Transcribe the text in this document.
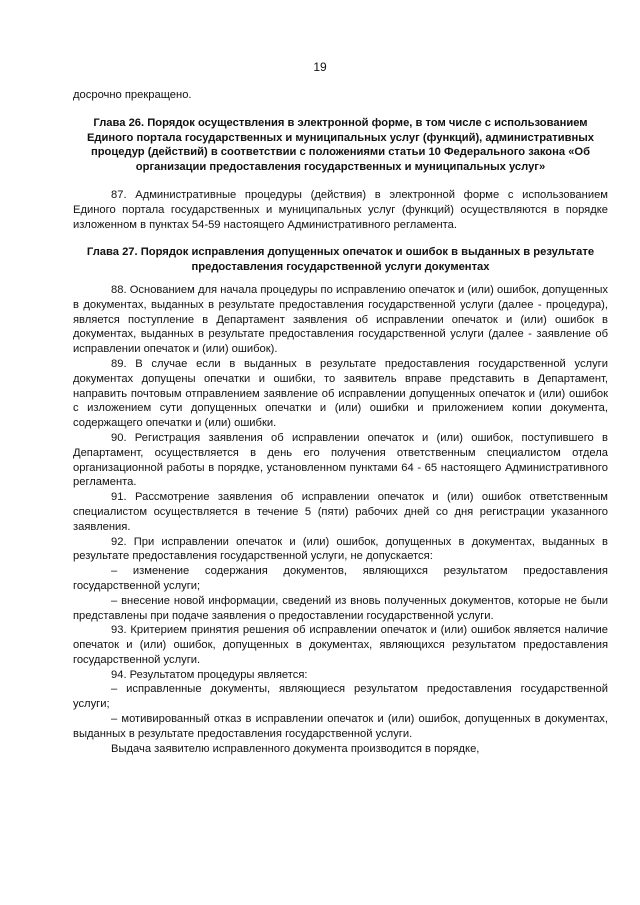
19

досрочно прекращено.

Глава 26. Порядок осуществления в электронной форме, в том числе с использованием Единого портала государственных и муниципальных услуг (функций), административных процедур (действий) в соответствии с положениями статьи 10 Федерального закона «Об организации предоставления государственных и муниципальных услуг»

87. Административные процедуры (действия) в электронной форме с использованием Единого портала государственных и муниципальных услуг (функций) осуществляются в порядке изложенном в пунктах 54-59 настоящего Административного регламента.

Глава 27. Порядок исправления допущенных опечаток и ошибок в выданных в результате предоставления государственной услуги документах

88. Основанием для начала процедуры по исправлению опечаток и (или) ошибок, допущенных в документах, выданных в результате предоставления государственной услуги (далее - процедура), является поступление в Департамент заявления об исправлении опечаток и (или) ошибок в документах, выданных в результате предоставления государственной услуги (далее - заявление об исправлении опечаток и (или) ошибок).

89. В случае если в выданных в результате предоставления государственной услуги документах допущены опечатки и ошибки, то заявитель вправе представить в Департамент, направить почтовым отправлением заявление об исправлении допущенных опечаток и (или) ошибок с изложением сути допущенных опечатки и (или) ошибки и приложением копии документа, содержащего опечатки и (или) ошибки.

90. Регистрация заявления об исправлении опечаток и (или) ошибок, поступившего в Департамент, осуществляется в день его получения ответственным специалистом отдела организационной работы в порядке, установленном пунктами 64 - 65 настоящего Административного регламента.

91. Рассмотрение заявления об исправлении опечаток и (или) ошибок ответственным специалистом осуществляется в течение 5 (пяти) рабочих дней со дня регистрации указанного заявления.

92. При исправлении опечаток и (или) ошибок, допущенных в документах, выданных в результате предоставления государственной услуги, не допускается:

– изменение содержания документов, являющихся результатом предоставления государственной услуги;

– внесение новой информации, сведений из вновь полученных документов, которые не были представлены при подаче заявления о предоставлении государственной услуги.

93. Критерием принятия решения об исправлении опечаток и (или) ошибок является наличие опечаток и (или) ошибок, допущенных в документах, являющихся результатом предоставления государственной услуги.

94. Результатом процедуры является:

– исправленные документы, являющиеся результатом предоставления государственной услуги;

– мотивированный отказ в исправлении опечаток и (или) ошибок, допущенных в документах, выданных в результате предоставления государственной услуги.

Выдача заявителю исправленного документа производится в порядке,
